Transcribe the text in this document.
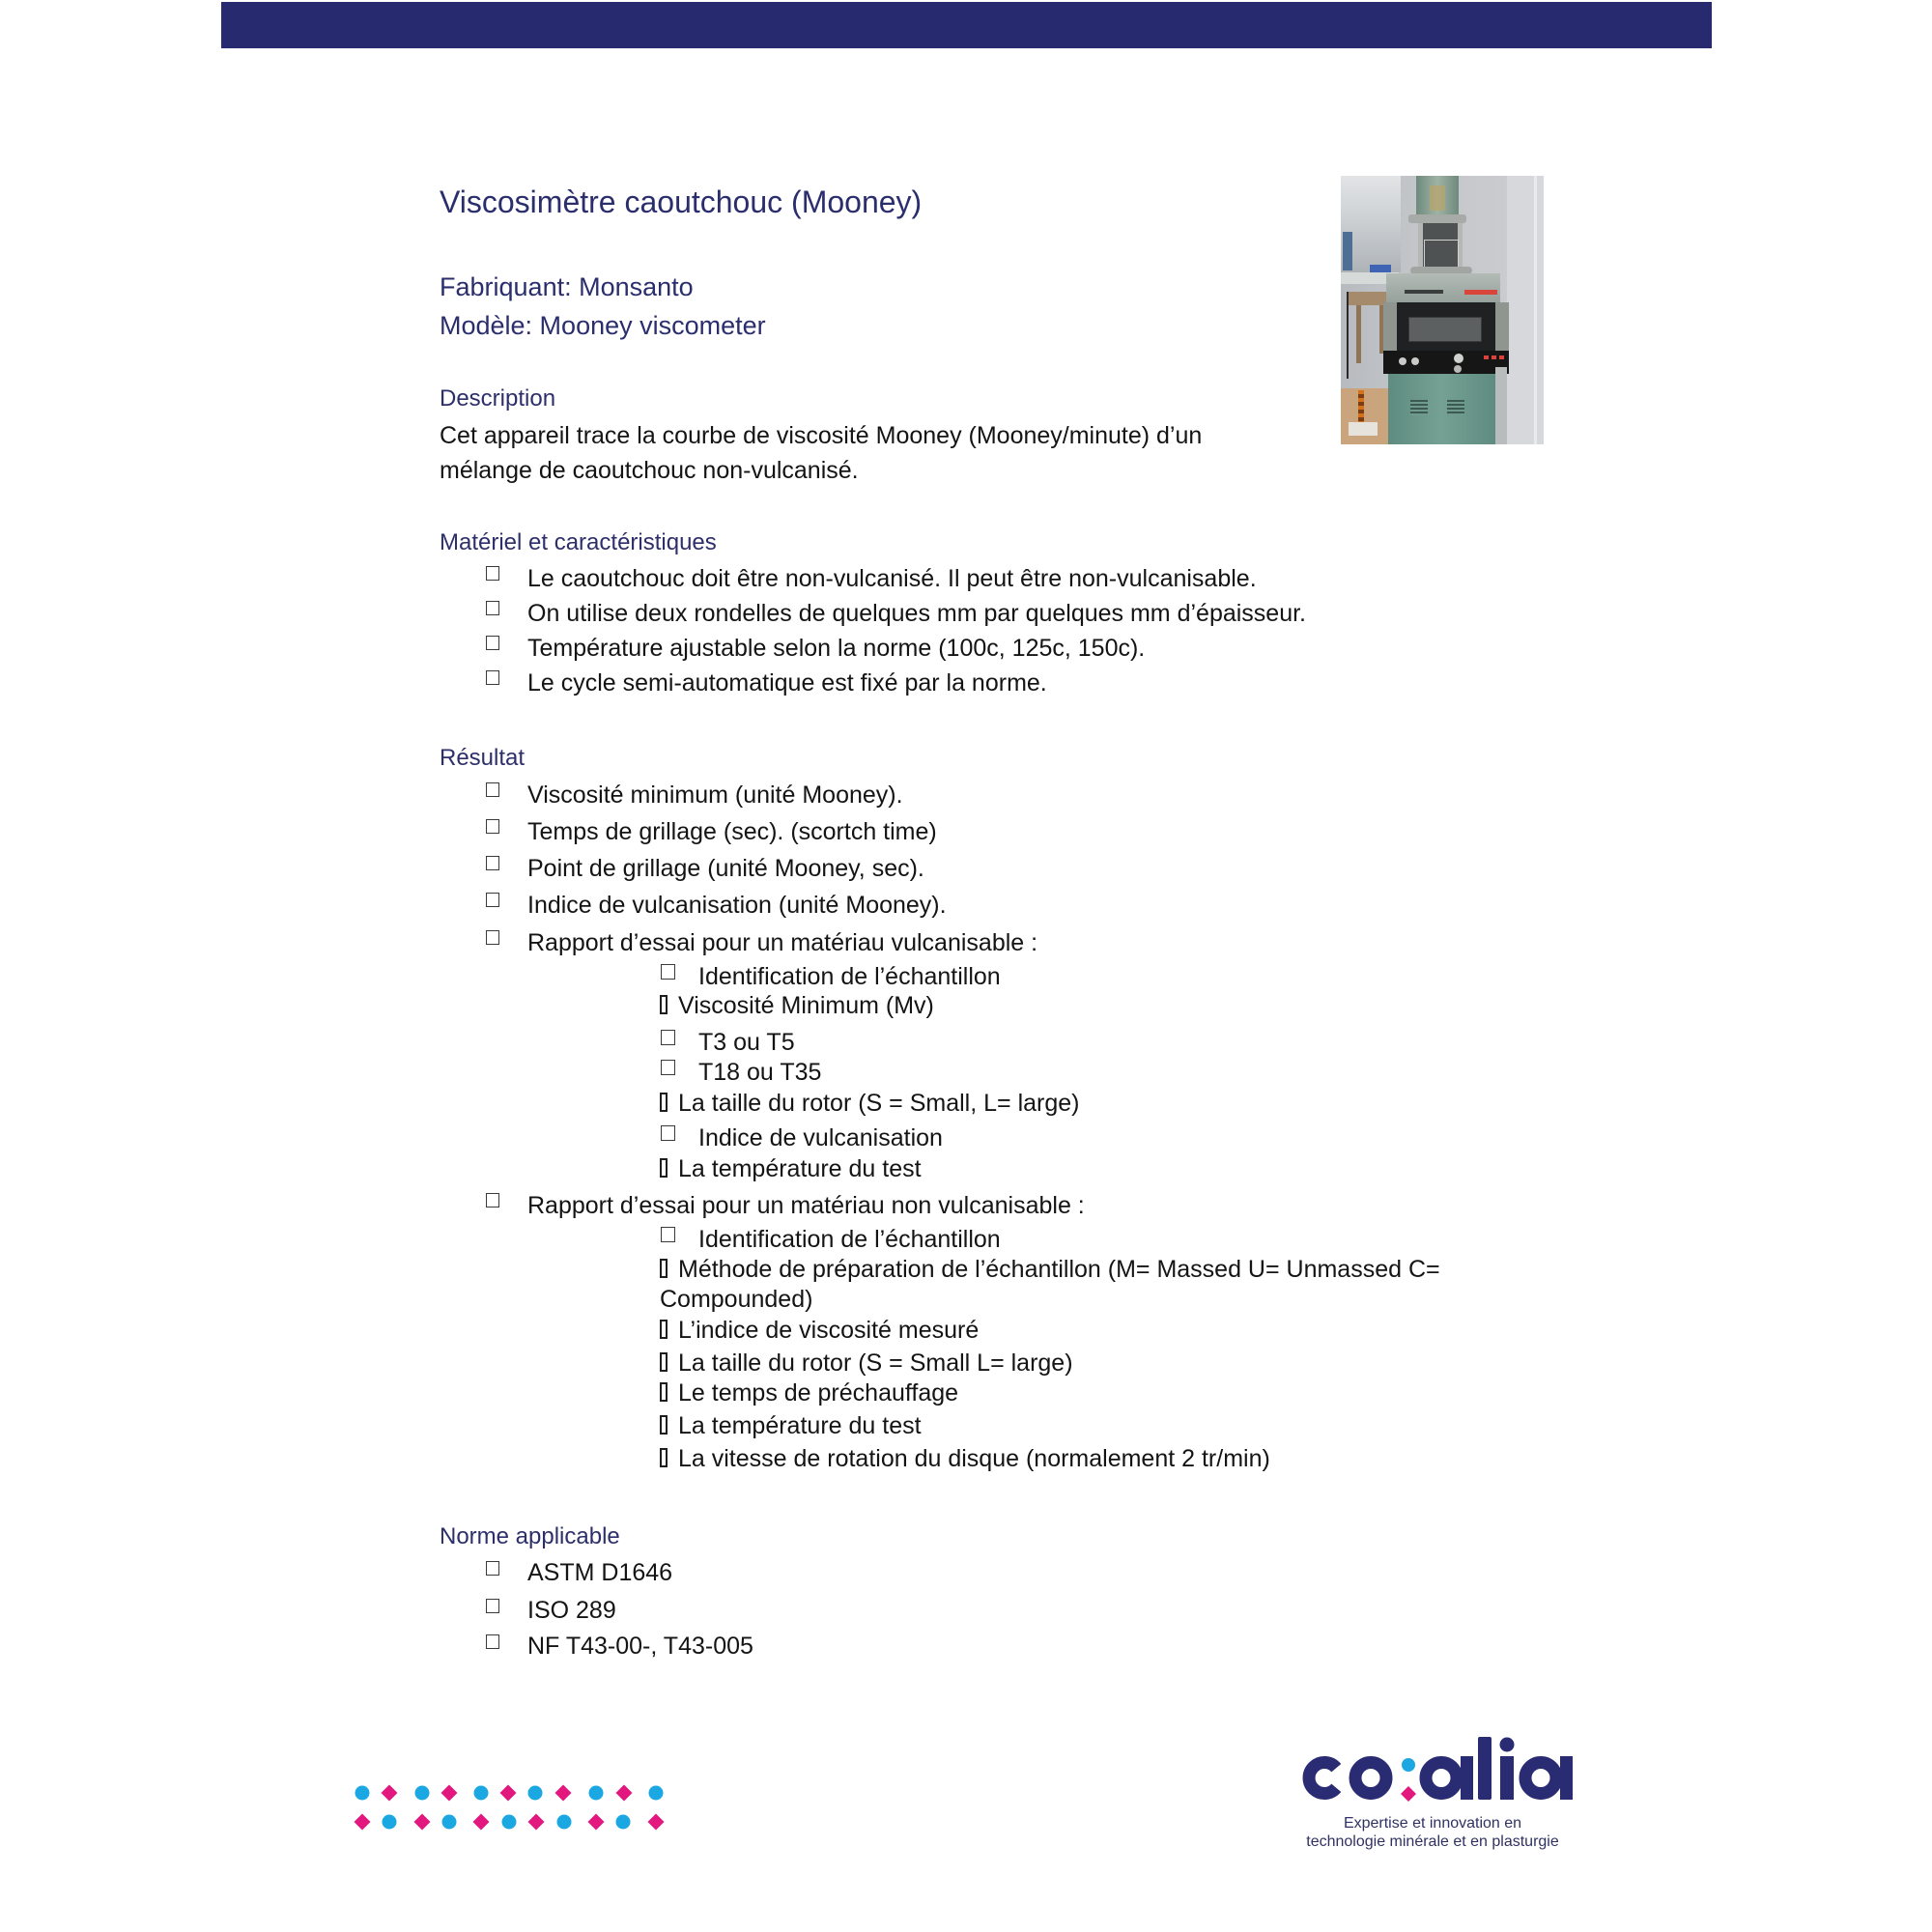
Viscosimètre caoutchouc (Mooney)
Fabriquant: Monsanto
Modèle: Mooney viscometer
Description
Cet appareil trace la courbe de viscosité Mooney (Mooney/minute) d’un
mélange de caoutchouc non-vulcanisé.
Matériel et caractéristiques
Le caoutchouc doit être non-vulcanisé. Il peut être non-vulcanisable.
On utilise deux rondelles de quelques mm par quelques mm d’épaisseur.
Température ajustable selon la norme (100c, 125c, 150c).
Le cycle semi-automatique est fixé par la norme.
Résultat
Viscosité minimum (unité Mooney).
Temps de grillage (sec). (scortch time)
Point de grillage (unité Mooney, sec).
Indice de vulcanisation (unité Mooney).
Rapport d’essai pour un matériau vulcanisable :
Identification de l’échantillon
Viscosité Minimum (Mv)
T3 ou T5
T18 ou T35
La taille du rotor (S = Small, L= large)
Indice de vulcanisation
La température du test
Rapport d’essai pour un matériau non vulcanisable :
Identification de l’échantillon
Méthode de préparation de l’échantillon (M= Massed U= Unmassed C=
Compounded)
L’indice de viscosité mesuré
La taille du rotor (S = Small L= large)
Le temps de préchauffage
La température du test
La vitesse de rotation du disque (normalement 2 tr/min)
Norme applicable
ASTM D1646
ISO 289
NF T43-00-, T43-005
Expertise et innovation en
technologie minérale et en plasturgie
